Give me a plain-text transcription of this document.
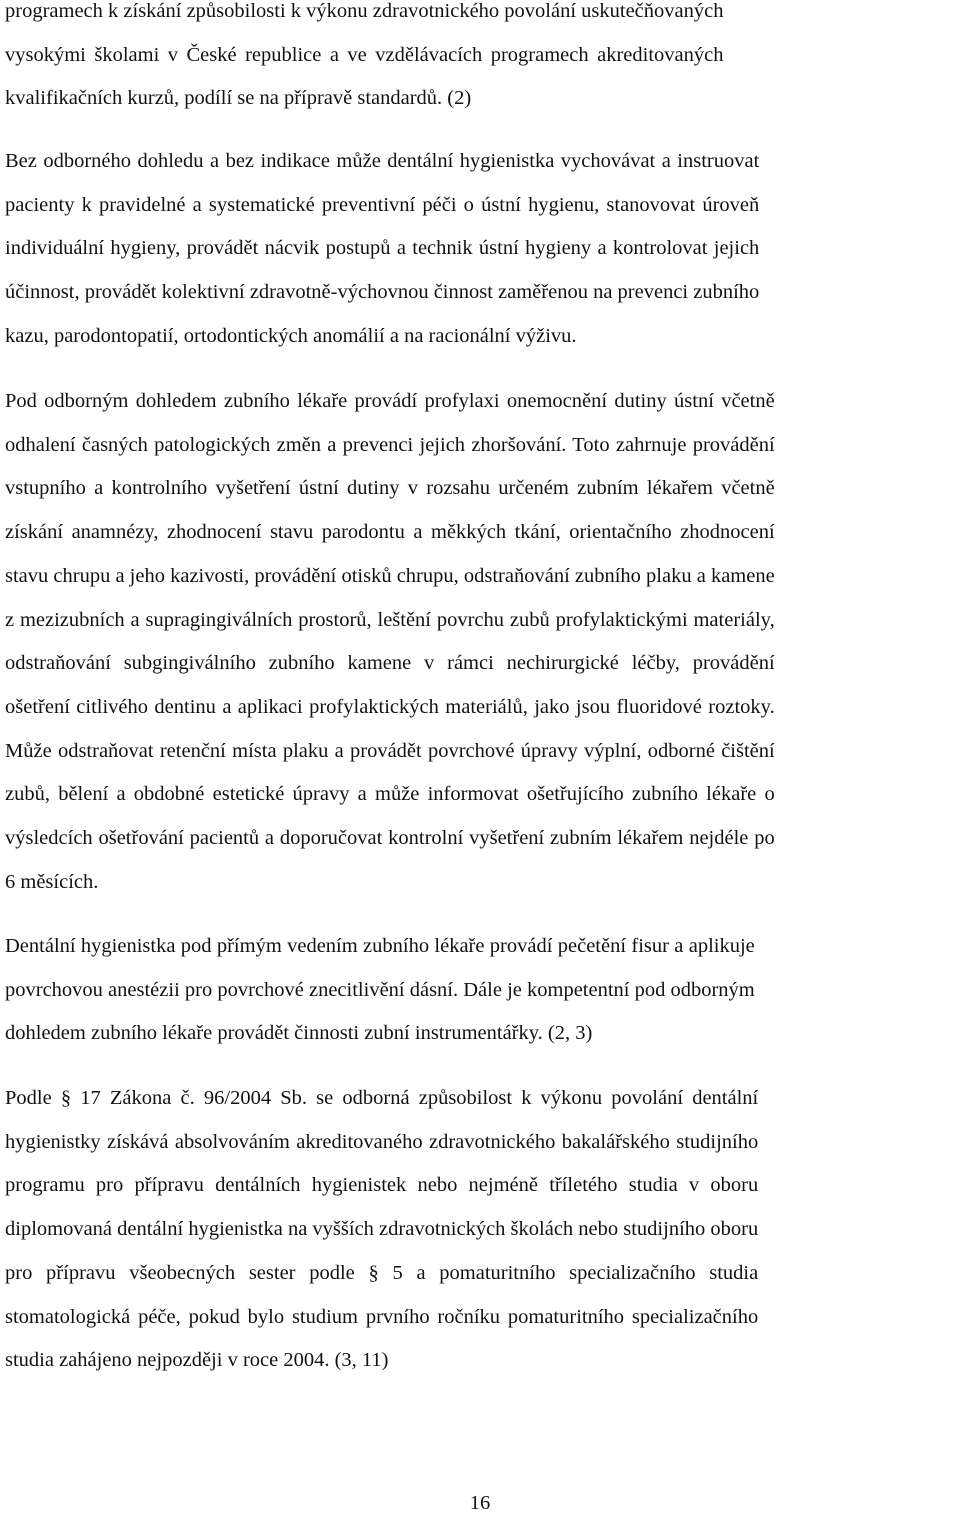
programech k získání způsobilosti k výkonu zdravotnického povolání uskutečňovaných
vysokými školami v České republice a ve vzdělávacích programech akreditovaných
kvalifikačních kurzů, podílí se na přípravě standardů. (2)

Bez odborného dohledu a bez indikace může dentální hygienistka vychovávat a instruovat
pacienty k pravidelné a systematické preventivní péči o ústní hygienu, stanovovat úroveň
individuální hygieny, provádět nácvik postupů a technik ústní hygieny a kontrolovat jejich
účinnost, provádět kolektivní zdravotně-výchovnou činnost zaměřenou na prevenci zubního
kazu, parodontopatií, ortodontických anomálií a na racionální výživu.

Pod odborným dohledem zubního lékaře provádí profylaxi onemocnění dutiny ústní včetně
odhalení časných patologických změn a prevenci jejich zhoršování. Toto zahrnuje provádění
vstupního a kontrolního vyšetření ústní dutiny v rozsahu určeném zubním lékařem včetně
získání anamnézy, zhodnocení stavu parodontu a měkkých tkání, orientačního zhodnocení
stavu chrupu a jeho kazivosti, provádění otisků chrupu, odstraňování zubního plaku a kamene
z mezizubních a supragingiválních prostorů, leštění povrchu zubů profylaktickými materiály,
odstraňování subgingiválního zubního kamene v rámci nechirurgické léčby, provádění
ošetření citlivého dentinu a aplikaci profylaktických materiálů, jako jsou fluoridové roztoky.
Může odstraňovat retenční místa plaku a provádět povrchové úpravy výplní, odborné čištění
zubů, bělení a obdobné estetické úpravy a může informovat ošetřujícího zubního lékaře o
výsledcích ošetřování pacientů a doporučovat kontrolní vyšetření zubním lékařem nejdéle po
6 měsících.

Dentální hygienistka pod přímým vedením zubního lékaře provádí pečetění fisur a aplikuje
povrchovou anestézii pro povrchové znecitlivění dásní. Dále je kompetentní pod odborným
dohledem zubního lékaře provádět činnosti zubní instrumentářky. (2, 3)

Podle § 17 Zákona č. 96/2004 Sb. se odborná způsobilost k výkonu povolání dentální
hygienistky získává absolvováním akreditovaného zdravotnického bakalářského studijního
programu pro přípravu dentálních hygienistek nebo nejméně tříletého studia v oboru
diplomovaná dentální hygienistka na vyšších zdravotnických školách nebo studijního oboru
pro přípravu všeobecných sester podle § 5 a pomaturitního specializačního studia
stomatologická péče, pokud bylo studium prvního ročníku pomaturitního specializačního
studia zahájeno nejpozději v roce 2004. (3, 11)

16
